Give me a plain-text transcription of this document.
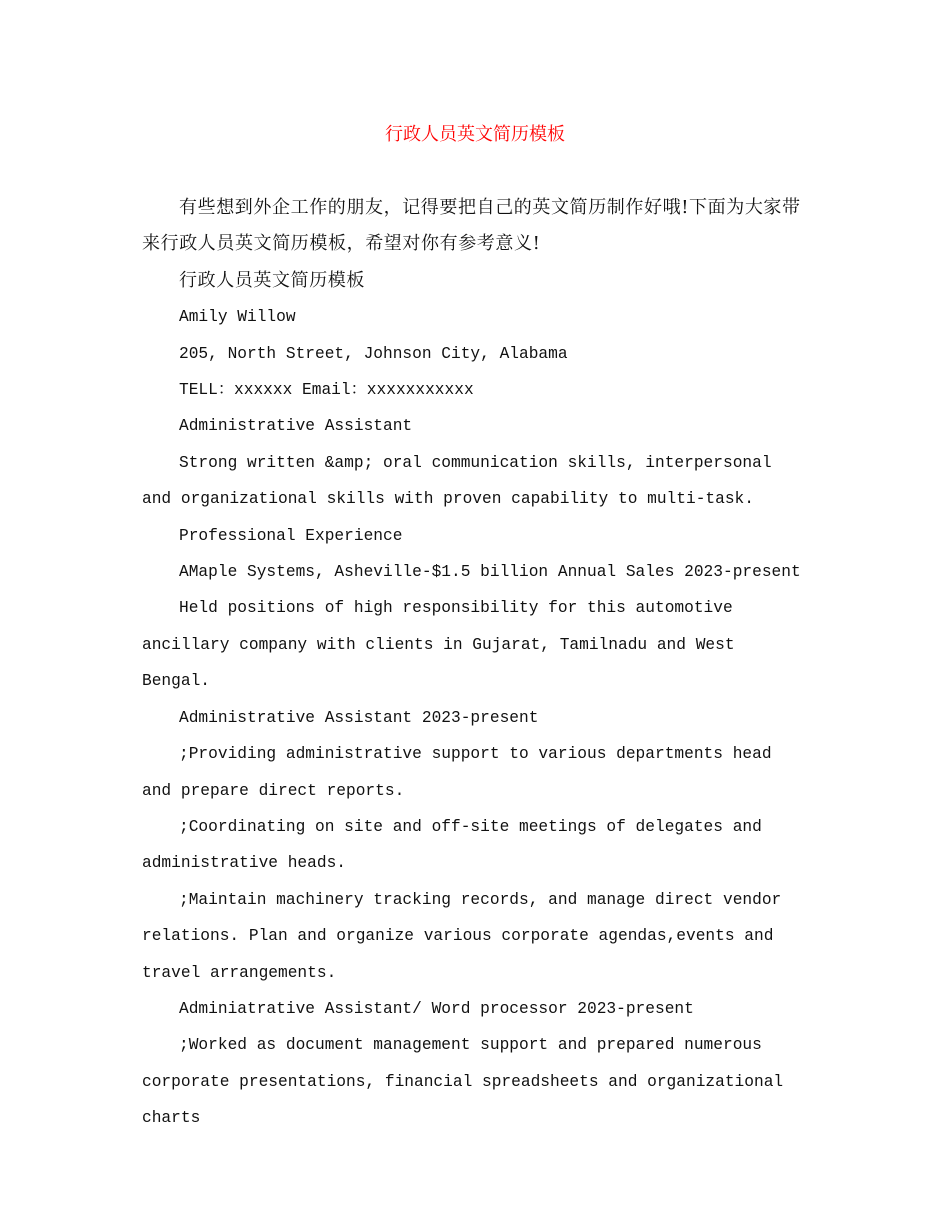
行政人员英文简历模板

有些想到外企工作的朋友，记得要把自己的英文简历制作好哦!下面为大家带来行政人员英文简历模板，希望对你有参考意义!

行政人员英文简历模板

Amily Willow

205, North Street, Johnson City, Alabama

TELL：xxxxxx Email：xxxxxxxxxxx

Administrative Assistant

Strong written &amp; oral communication skills, interpersonal and organizational skills with proven capability to multi-task.

Professional Experience

AMaple Systems, Asheville-$1.5 billion Annual Sales 2023-present

Held positions of high responsibility for this automotive ancillary company with clients in Gujarat, Tamilnadu and West Bengal.

Administrative Assistant 2023-present

;Providing administrative support to various departments head and prepare direct reports.

;Coordinating on site and off-site meetings of delegates and administrative heads.

;Maintain machinery tracking records, and manage direct vendor relations. Plan and organize various corporate agendas,events and travel arrangements.

Adminiatrative Assistant/ Word processor 2023-present

;Worked as document management support and prepared numerous corporate presentations, financial spreadsheets and organizational charts
